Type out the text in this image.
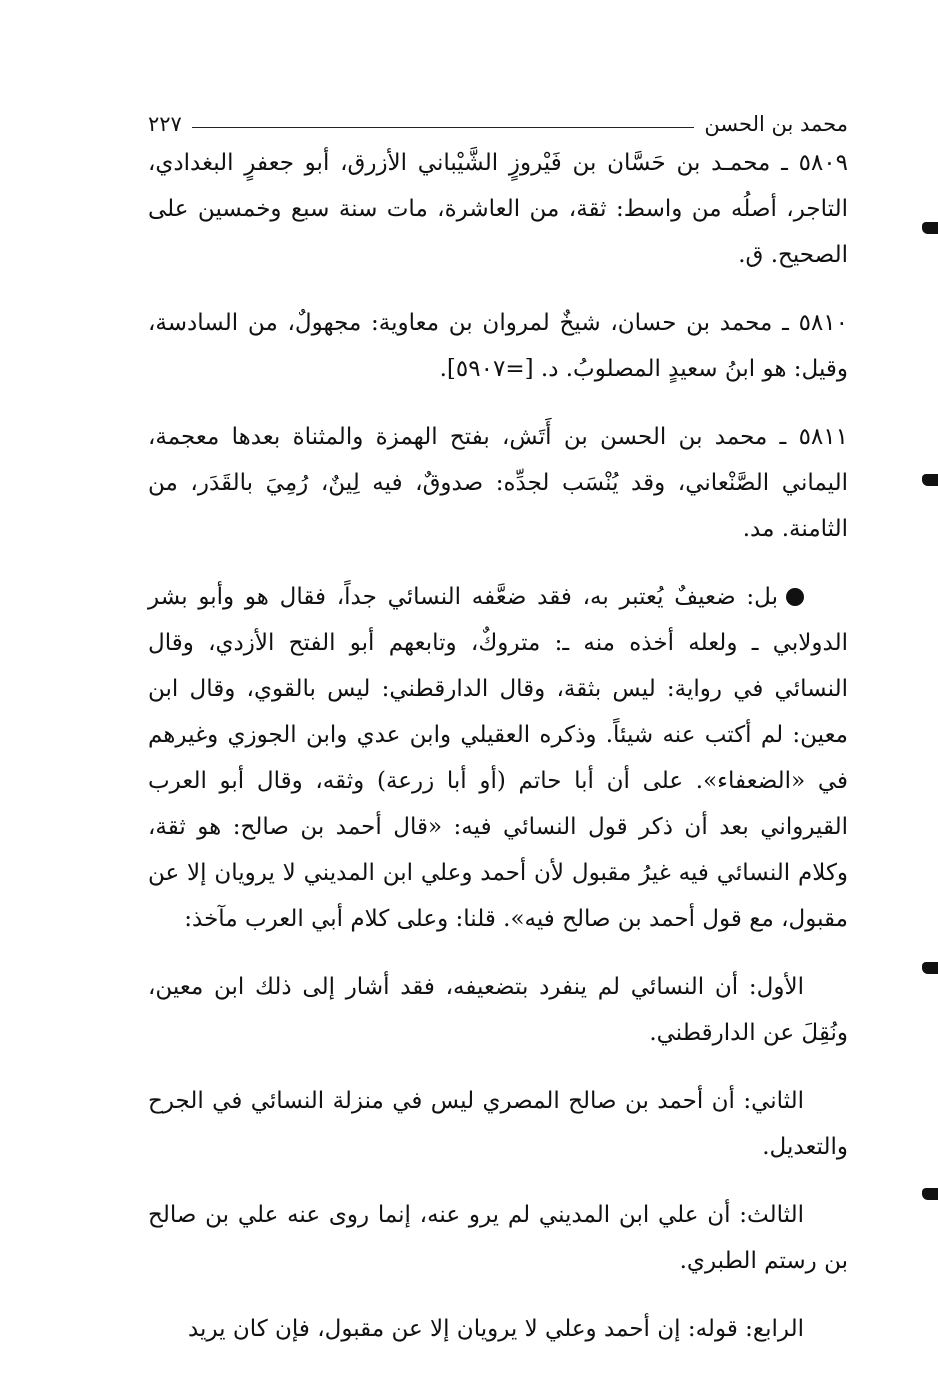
محمد بن الحسن
٢٢٧

٥٨٠٩ ـ محمـد بن حَسَّان بن فَيْروزٍ الشَّيْباني الأزرق، أبو جعفرٍ البغدادي، التاجر، أصلُه من واسط: ثقة، من العاشرة، مات سنة سبع وخمسين على الصحيح. ق.

٥٨١٠ ـ محمد بن حسان، شيخٌ لمروان بن معاوية: مجهولٌ، من السادسة، وقيل: هو ابنُ سعيدٍ المصلوبُ. د. [=٥٩٠٧].

٥٨١١ ـ محمد بن الحسن بن أَتَش، بفتح الهمزة والمثناة بعدها معجمة، اليماني الصَّنْعاني، وقد يُنْسَب لجدِّه: صدوقٌ، فيه لِينٌ، رُمِيَ بالقَدَر، من الثامنة. مد.

بل: ضعيفٌ يُعتبر به، فقد ضعَّفه النسائي جداً، فقال هو وأبو بشر الدولابي ـ ولعله أخذه منه ـ: متروكٌ، وتابعهم أبو الفتح الأزدي، وقال النسائي في رواية: ليس بثقة، وقال الدارقطني: ليس بالقوي، وقال ابن معين: لم أكتب عنه شيئاً. وذكره العقيلي وابن عدي وابن الجوزي وغيرهم في «الضعفاء». على أن أبا حاتم (أو أبا زرعة) وثقه، وقال أبو العرب القيرواني بعد أن ذكر قول النسائي فيه: «قال أحمد بن صالح: هو ثقة، وكلام النسائي فيه غيرُ مقبول لأن أحمد وعلي ابن المديني لا يرويان إلا عن مقبول، مع قول أحمد بن صالح فيه». قلنا: وعلى كلام أبي العرب مآخذ:

الأول: أن النسائي لم ينفرد بتضعيفه، فقد أشار إلى ذلك ابن معين، ونُقِلَ عن الدارقطني.

الثاني: أن أحمد بن صالح المصري ليس في منزلة النسائي في الجرح والتعديل.

الثالث: أن علي ابن المديني لم يرو عنه، إنما روى عنه علي بن صالح بن رستم الطبري.

الرابع: قوله: إن أحمد وعلي لا يرويان إلا عن مقبول، فإن كان يريد
